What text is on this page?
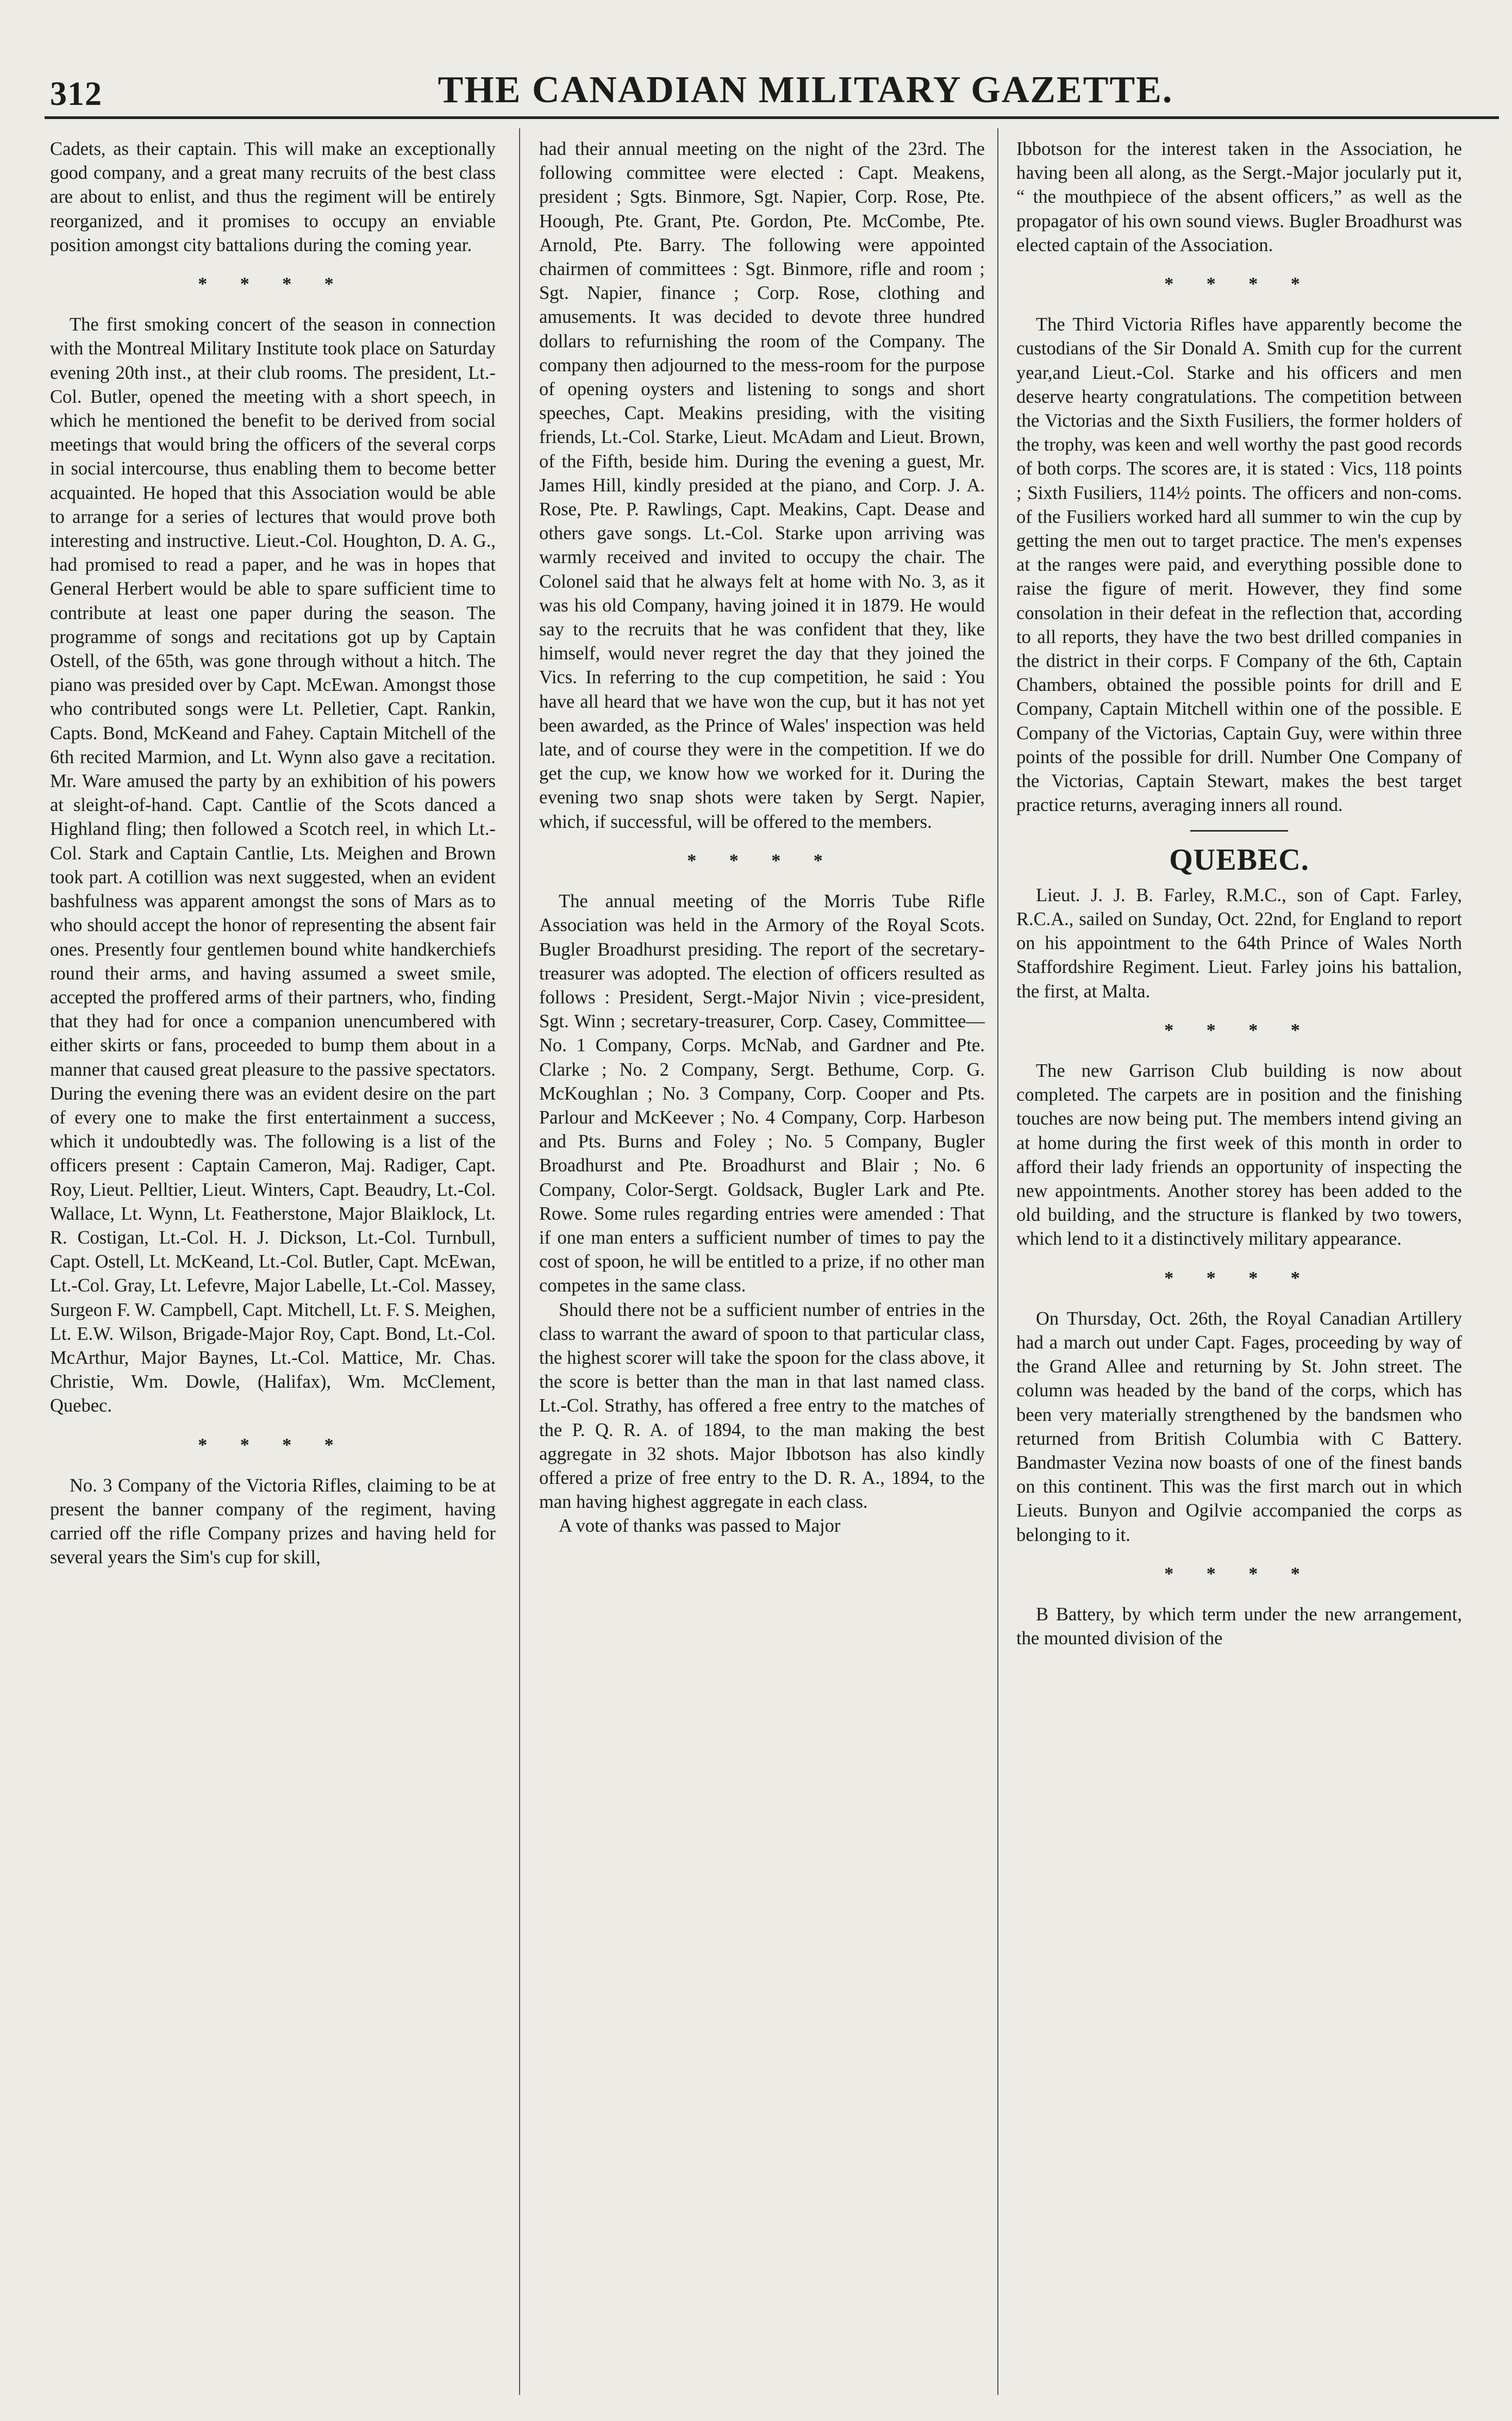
312	THE CANADIAN MILITARY GAZETTE.

Cadets, as their captain. This will make an exceptionally good company, and a great many recruits of the best class are about to enlist, and thus the regiment will be entirely reorganized, and it promises to occupy an enviable position amongst city battalions during the coming year.

* * * *

The first smoking concert of the season in connection with the Montreal Military Institute took place on Saturday evening 20th inst., at their club rooms. The president, Lt.-Col. Butler, opened the meeting with a short speech, in which he mentioned the benefit to be derived from social meetings that would bring the officers of the several corps in social intercourse, thus enabling them to become better acquainted. He hoped that this Association would be able to arrange for a series of lectures that would prove both interesting and instructive. Lieut.-Col. Houghton, D. A. G., had promised to read a paper, and he was in hopes that General Herbert would be able to spare sufficient time to contribute at least one paper during the season. The programme of songs and recitations got up by Captain Ostell, of the 65th, was gone through without a hitch. The piano was presided over by Capt. McEwan. Amongst those who contributed songs were Lt. Pelletier, Capt. Rankin, Capts. Bond, McKeand and Fahey. Captain Mitchell of the 6th recited Marmion, and Lt. Wynn also gave a recitation. Mr. Ware amused the party by an exhibition of his powers at sleight-of-hand. Capt. Cantlie of the Scots danced a Highland fling; then followed a Scotch reel, in which Lt.-Col. Stark and Captain Cantlie, Lts. Meighen and Brown took part. A cotillion was next suggested, when an evident bashfulness was apparent amongst the sons of Mars as to who should accept the honor of representing the absent fair ones. Presently four gentlemen bound white handkerchiefs round their arms, and having assumed a sweet smile, accepted the proffered arms of their partners, who, finding that they had for once a companion unencumbered with either skirts or fans, proceeded to bump them about in a manner that caused great pleasure to the passive spectators. During the evening there was an evident desire on the part of every one to make the first entertainment a success, which it undoubtedly was. The following is a list of the officers present : Captain Cameron, Maj. Radiger, Capt. Roy, Lieut. Pelltier, Lieut. Winters, Capt. Beaudry, Lt.-Col. Wallace, Lt. Wynn, Lt. Featherstone, Major Blaiklock, Lt. R. Costigan, Lt.-Col. H. J. Dickson, Lt.-Col. Turnbull, Capt. Ostell, Lt. McKeand, Lt.-Col. Butler, Capt. McEwan, Lt.-Col. Gray, Lt. Lefevre, Major Labelle, Lt.-Col. Massey, Surgeon F. W. Campbell, Capt. Mitchell, Lt. F. S. Meighen, Lt. E.W. Wilson, Brigade-Major Roy, Capt. Bond, Lt.-Col. McArthur, Major Baynes, Lt.-Col. Mattice, Mr. Chas. Christie, Wm. Dowle, (Halifax), Wm. McClement, Quebec.

* * * *

No. 3 Company of the Victoria Rifles, claiming to be at present the banner company of the regiment, having carried off the rifle Company prizes and having held for several years the Sim's cup for skill,

had their annual meeting on the night of the 23rd. The following committee were elected : Capt. Meakens, president ; Sgts. Binmore, Sgt. Napier, Corp. Rose, Pte. Hoough, Pte. Grant, Pte. Gordon, Pte. McCombe, Pte. Arnold, Pte. Barry. The following were appointed chairmen of committees : Sgt. Binmore, rifle and room ; Sgt. Napier, finance ; Corp. Rose, clothing and amusements. It was decided to devote three hundred dollars to refurnishing the room of the Company. The company then adjourned to the mess-room for the purpose of opening oysters and listening to songs and short speeches, Capt. Meakins presiding, with the visiting friends, Lt.-Col. Starke, Lieut. McAdam and Lieut. Brown, of the Fifth, beside him. During the evening a guest, Mr. James Hill, kindly presided at the piano, and Corp. J. A. Rose, Pte. P. Rawlings, Capt. Meakins, Capt. Dease and others gave songs. Lt.-Col. Starke upon arriving was warmly received and invited to occupy the chair. The Colonel said that he always felt at home with No. 3, as it was his old Company, having joined it in 1879. He would say to the recruits that he was confident that they, like himself, would never regret the day that they joined the Vics. In referring to the cup competition, he said : You have all heard that we have won the cup, but it has not yet been awarded, as the Prince of Wales' inspection was held late, and of course they were in the competition. If we do get the cup, we know how we worked for it. During the evening two snap shots were taken by Sergt. Napier, which, if successful, will be offered to the members.

* * * *

The annual meeting of the Morris Tube Rifle Association was held in the Armory of the Royal Scots. Bugler Broadhurst presiding. The report of the secretary-treasurer was adopted. The election of officers resulted as follows : President, Sergt.-Major Nivin ; vice-president, Sgt. Winn ; secretary-treasurer, Corp. Casey, Committee—No. 1 Company, Corps. McNab, and Gardner and Pte. Clarke ; No. 2 Company, Sergt. Bethume, Corp. G. McKoughlan ; No. 3 Company, Corp. Cooper and Pts. Parlour and McKeever ; No. 4 Company, Corp. Harbeson and Pts. Burns and Foley ; No. 5 Company, Bugler Broadhurst and Pte. Broadhurst and Blair ; No. 6 Company, Color-Sergt. Goldsack, Bugler Lark and Pte. Rowe. Some rules regarding entries were amended : That if one man enters a sufficient number of times to pay the cost of spoon, he will be entitled to a prize, if no other man competes in the same class.

Should there not be a sufficient number of entries in the class to warrant the award of spoon to that particular class, the highest scorer will take the spoon for the class above, it the score is better than the man in that last named class. Lt.-Col. Strathy, has offered a free entry to the matches of the P. Q. R. A. of 1894, to the man making the best aggregate in 32 shots. Major Ibbotson has also kindly offered a prize of free entry to the D. R. A., 1894, to the man having highest aggregate in each class.

A vote of thanks was passed to Major

Ibbotson for the interest taken in the Association, he having been all along, as the Sergt.-Major jocularly put it, “ the mouthpiece of the absent officers,” as well as the propagator of his own sound views. Bugler Broadhurst was elected captain of the Association.

* * * *

The Third Victoria Rifles have apparently become the custodians of the Sir Donald A. Smith cup for the current year,and Lieut.-Col. Starke and his officers and men deserve hearty congratulations. The competition between the Victorias and the Sixth Fusiliers, the former holders of the trophy, was keen and well worthy the past good records of both corps. The scores are, it is stated : Vics, 118 points ; Sixth Fusiliers, 114½ points. The officers and non-coms. of the Fusiliers worked hard all summer to win the cup by getting the men out to target practice. The men's expenses at the ranges were paid, and everything possible done to raise the figure of merit. However, they find some consolation in their defeat in the reflection that, according to all reports, they have the two best drilled companies in the district in their corps. F Company of the 6th, Captain Chambers, obtained the possible points for drill and E Company, Captain Mitchell within one of the possible. E Company of the Victorias, Captain Guy, were within three points of the possible for drill. Number One Company of the Victorias, Captain Stewart, makes the best target practice returns, averaging inners all round.

QUEBEC.

Lieut. J. J. B. Farley, R.M.C., son of Capt. Farley, R.C.A., sailed on Sunday, Oct. 22nd, for England to report on his appointment to the 64th Prince of Wales North Staffordshire Regiment. Lieut. Farley joins his battalion, the first, at Malta.

* * * *

The new Garrison Club building is now about completed. The carpets are in position and the finishing touches are now being put. The members intend giving an at home during the first week of this month in order to afford their lady friends an opportunity of inspecting the new appointments. Another storey has been added to the old building, and the structure is flanked by two towers, which lend to it a distinctively military appearance.

* * * *

On Thursday, Oct. 26th, the Royal Canadian Artillery had a march out under Capt. Fages, proceeding by way of the Grand Allee and returning by St. John street. The column was headed by the band of the corps, which has been very materially strengthened by the bandsmen who returned from British Columbia with C Battery. Bandmaster Vezina now boasts of one of the finest bands on this continent. This was the first march out in which Lieuts. Bunyon and Ogilvie accompanied the corps as belonging to it.

* * * *

B Battery, by which term under the new arrangement, the mounted division of the
